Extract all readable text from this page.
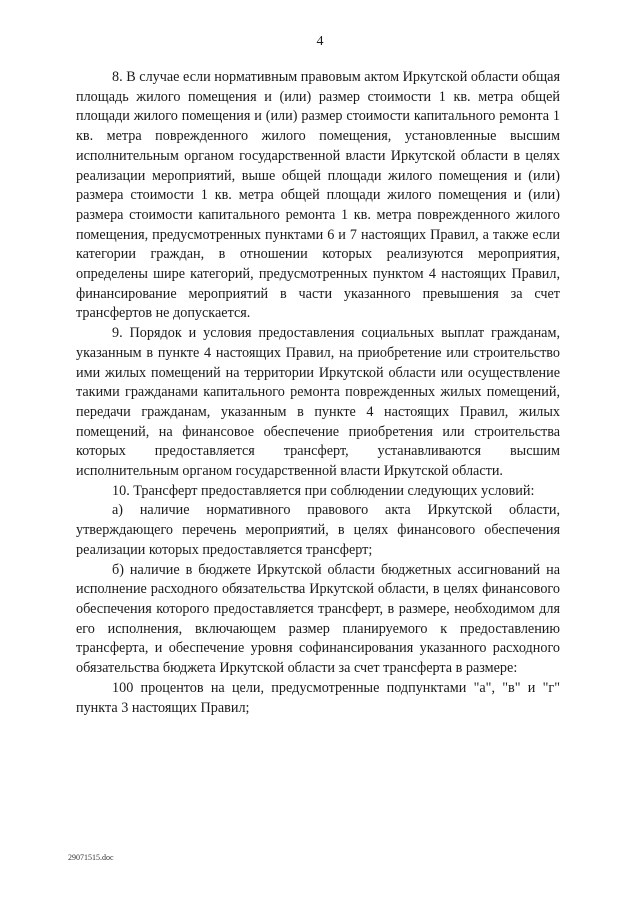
4

8. В случае если нормативным правовым актом Иркутской области общая площадь жилого помещения и (или) размер стоимости 1 кв. метра общей площади жилого помещения и (или) размер стоимости капитального ремонта 1 кв. метра поврежденного жилого помещения, установленные высшим исполнительным органом государственной власти Иркутской области в целях реализации мероприятий, выше общей площади жилого помещения и (или) размера стоимости 1 кв. метра общей площади жилого помещения и (или) размера стоимости капитального ремонта 1 кв. метра поврежденного жилого помещения, предусмотренных пунктами 6 и 7 настоящих Правил, а также если категории граждан, в отношении которых реализуются мероприятия, определены шире категорий, предусмотренных пунктом 4 настоящих Правил, финансирование мероприятий в части указанного превышения за счет трансфертов не допускается.

9. Порядок и условия предоставления социальных выплат гражданам, указанным в пункте 4 настоящих Правил, на приобретение или строительство ими жилых помещений на территории Иркутской области или осуществление такими гражданами капитального ремонта поврежденных жилых помещений, передачи гражданам, указанным в пункте 4 настоящих Правил, жилых помещений, на финансовое обеспечение приобретения или строительства которых предоставляется трансферт, устанавливаются высшим исполнительным органом государственной власти Иркутской области.

10. Трансферт предоставляется при соблюдении следующих условий:

а) наличие нормативного правового акта Иркутской области, утверждающего перечень мероприятий, в целях финансового обеспечения реализации которых предоставляется трансферт;

б) наличие в бюджете Иркутской области бюджетных ассигнований на исполнение расходного обязательства Иркутской области, в целях финансового обеспечения которого предоставляется трансферт, в размере, необходимом для его исполнения, включающем размер планируемого к предоставлению трансферта, и обеспечение уровня софинансирования указанного расходного обязательства бюджета Иркутской области за счет трансферта в размере:

100 процентов на цели, предусмотренные подпунктами "а", "в" и "г" пункта 3 настоящих Правил;

29071515.doc
